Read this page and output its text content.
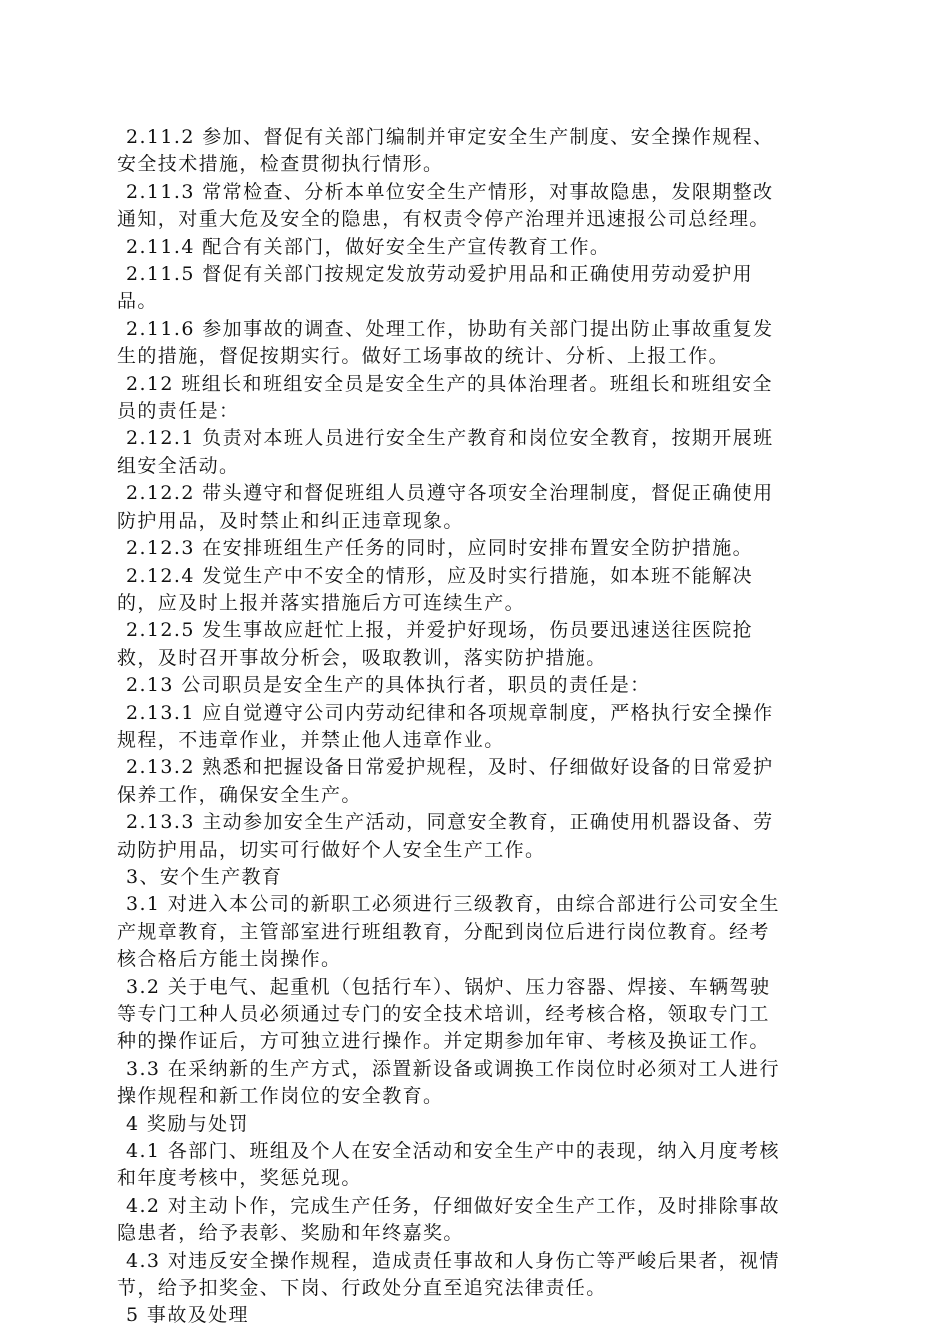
2.11.2 参加、督促有关部门编制并审定安全生产制度、安全操作规程、
安全技术措施，检查贯彻执行情形。

2.11.3 常常检查、分析本单位安全生产情形，对事故隐患，发限期整改
通知，对重大危及安全的隐患，有权责令停产治理并迅速报公司总经理。

2.11.4 配合有关部门，做好安全生产宣传教育工作。

2.11.5 督促有关部门按规定发放劳动爱护用品和正确使用劳动爱护用
品。

2.11.6 参加事故的调查、处理工作，协助有关部门提出防止事故重复发
生的措施，督促按期实行。做好工场事故的统计、分析、上报工作。

2.12 班组长和班组安全员是安全生产的具体治理者。班组长和班组安全
员的责任是：

2.12.1 负责对本班人员进行安全生产教育和岗位安全教育，按期开展班
组安全活动。

2.12.2 带头遵守和督促班组人员遵守各项安全治理制度，督促正确使用
防护用品，及时禁止和纠正违章现象。

2.12.3 在安排班组生产任务的同时，应同时安排布置安全防护措施。

2.12.4 发觉生产中不安全的情形，应及时实行措施，如本班不能解决
的，应及时上报并落实措施后方可连续生产。

2.12.5 发生事故应赶忙上报，并爱护好现场，伤员要迅速送往医院抢
救，及时召开事故分析会，吸取教训，落实防护措施。

2.13 公司职员是安全生产的具体执行者，职员的责任是：

2.13.1 应自觉遵守公司内劳动纪律和各项规章制度，严格执行安全操作
规程，不违章作业，并禁止他人违章作业。

2.13.2 熟悉和把握设备日常爱护规程，及时、仔细做好设备的日常爱护
保养工作，确保安全生产。

2.13.3 主动参加安全生产活动，同意安全教育，正确使用机器设备、劳
动防护用品，切实可行做好个人安全生产工作。

3、安个生产教育

3.1 对进入本公司的新职工必须进行三级教育，由综合部进行公司安全生
产规章教育，主管部室进行班组教育，分配到岗位后进行岗位教育。经考
核合格后方能土岗操作。

3.2 关于电气、起重机（包括行车）、锅炉、压力容器、焊接、车辆驾驶
等专门工种人员必须通过专门的安全技术培训，经考核合格，领取专门工
种的操作证后，方可独立进行操作。并定期参加年审、考核及换证工作。

3.3 在采纳新的生产方式，添置新设备或调换工作岗位时必须对工人进行
操作规程和新工作岗位的安全教育。

4 奖励与处罚

4.1 各部门、班组及个人在安全活动和安全生产中的表现，纳入月度考核
和年度考核中，奖惩兑现。

4.2 对主动卜作，完成生产任务，仔细做好安全生产工作，及时排除事故
隐患者，给予表彰、奖励和年终嘉奖。

4.3 对违反安全操作规程，造成责任事故和人身伤亡等严峻后果者，视情
节，给予扣奖金、下岗、行政处分直至追究法律责任。

5 事故及处理
